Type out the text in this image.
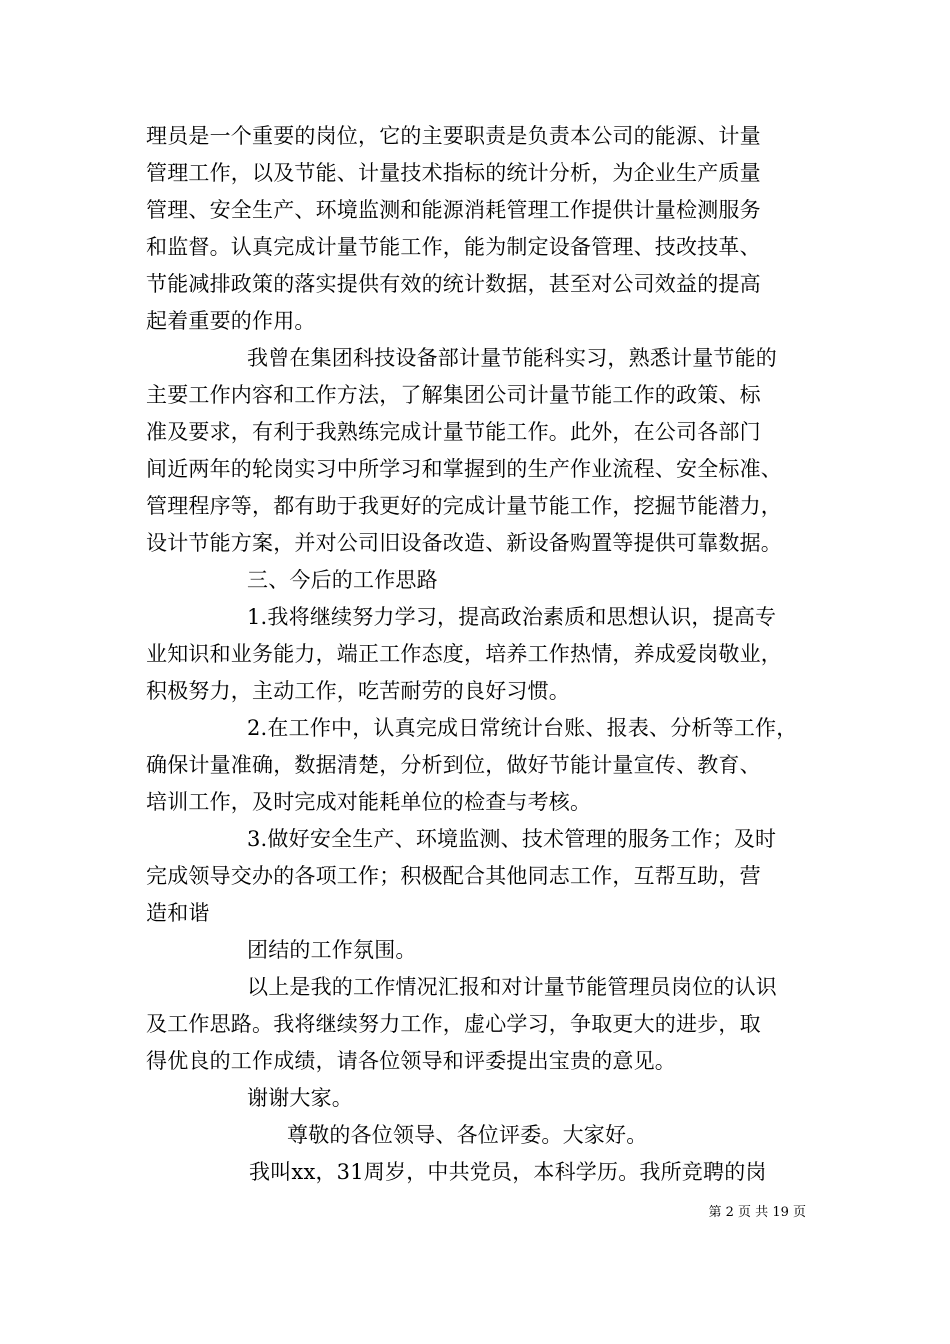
理员是一个重要的岗位，它的主要职责是负责本公司的能源、计量
管理工作，以及节能、计量技术指标的统计分析，为企业生产质量
管理、安全生产、环境监测和能源消耗管理工作提供计量检测服务
和监督。认真完成计量节能工作，能为制定设备管理、技改技革、
节能减排政策的落实提供有效的统计数据，甚至对公司效益的提高
起着重要的作用。
我曾在集团科技设备部计量节能科实习，熟悉计量节能的
主要工作内容和工作方法，了解集团公司计量节能工作的政策、标
准及要求，有利于我熟练完成计量节能工作。此外，在公司各部门
间近两年的轮岗实习中所学习和掌握到的生产作业流程、安全标准、
管理程序等，都有助于我更好的完成计量节能工作，挖掘节能潜力，
设计节能方案，并对公司旧设备改造、新设备购置等提供可靠数据。
三、今后的工作思路
1.我将继续努力学习，提高政治素质和思想认识，提高专
业知识和业务能力，端正工作态度，培养工作热情，养成爱岗敬业，
积极努力，主动工作，吃苦耐劳的良好习惯。
2.在工作中，认真完成日常统计台账、报表、分析等工作，
确保计量准确，数据清楚，分析到位，做好节能计量宣传、教育、
培训工作，及时完成对能耗单位的检查与考核。
3.做好安全生产、环境监测、技术管理的服务工作；及时
完成领导交办的各项工作；积极配合其他同志工作，互帮互助，营
造和谐
团结的工作氛围。
以上是我的工作情况汇报和对计量节能管理员岗位的认识
及工作思路。我将继续努力工作，虚心学习，争取更大的进步，取
得优良的工作成绩，请各位领导和评委提出宝贵的意见。
谢谢大家。
尊敬的各位领导、各位评委。大家好。
我叫xx，31周岁，中共党员，本科学历。我所竞聘的岗
第 2 页 共 19 页
